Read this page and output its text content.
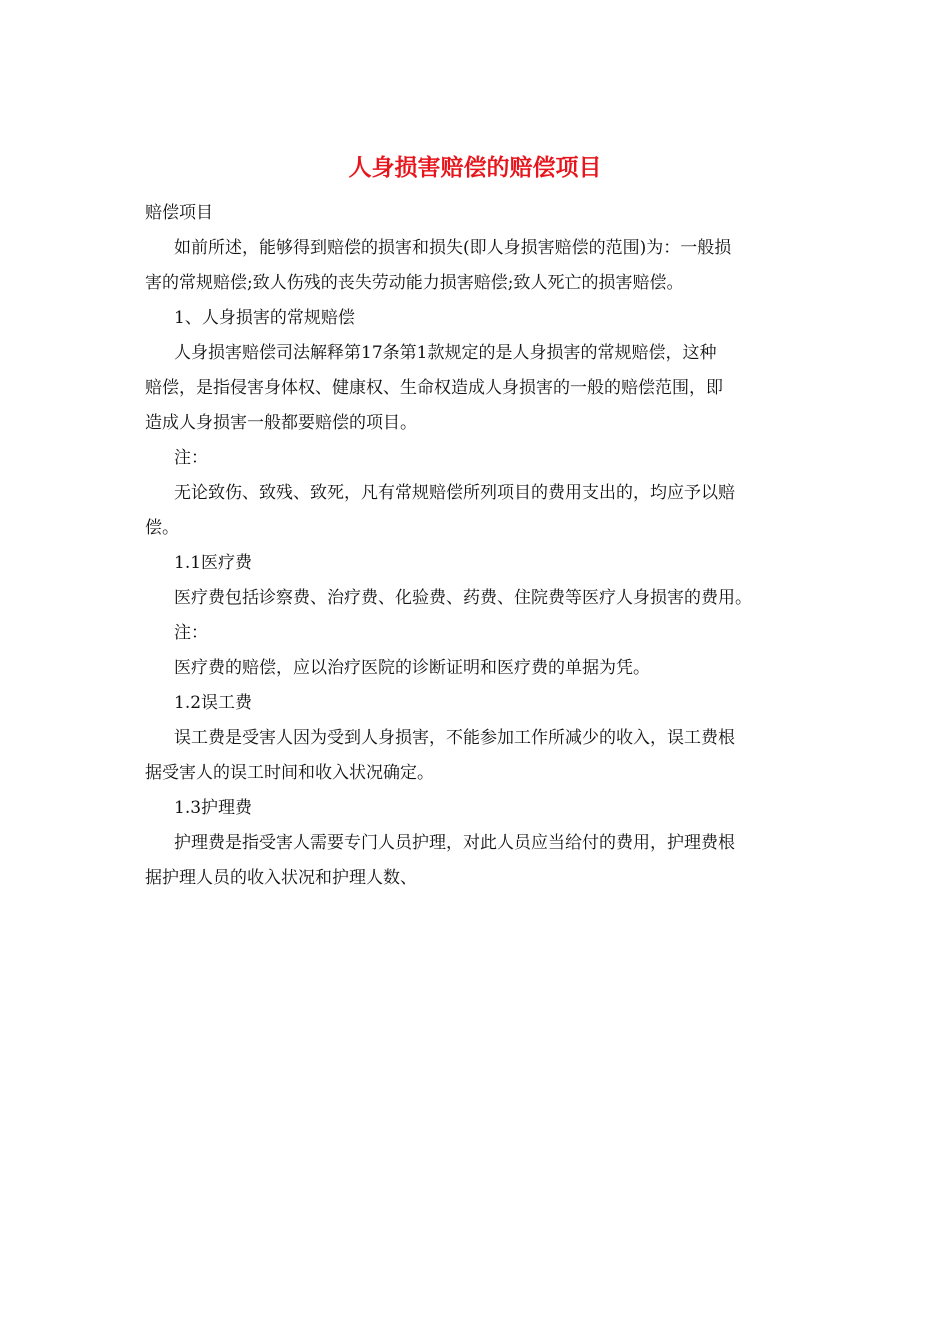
人身损害赔偿的赔偿项目
赔偿项目
如前所述，能够得到赔偿的损害和损失(即人身损害赔偿的范围)为：一般损
害的常规赔偿;致人伤残的丧失劳动能力损害赔偿;致人死亡的损害赔偿。
1、人身损害的常规赔偿
人身损害赔偿司法解释第17条第1款规定的是人身损害的常规赔偿，这种
赔偿，是指侵害身体权、健康权、生命权造成人身损害的一般的赔偿范围，即
造成人身损害一般都要赔偿的项目。
注：
无论致伤、致残、致死，凡有常规赔偿所列项目的费用支出的，均应予以赔
偿。
1.1医疗费
医疗费包括诊察费、治疗费、化验费、药费、住院费等医疗人身损害的费用。
注：
医疗费的赔偿，应以治疗医院的诊断证明和医疗费的单据为凭。
1.2误工费
误工费是受害人因为受到人身损害，不能参加工作所减少的收入，误工费根
据受害人的误工时间和收入状况确定。
1.3护理费
护理费是指受害人需要专门人员护理，对此人员应当给付的费用，护理费根
据护理人员的收入状况和护理人数、
